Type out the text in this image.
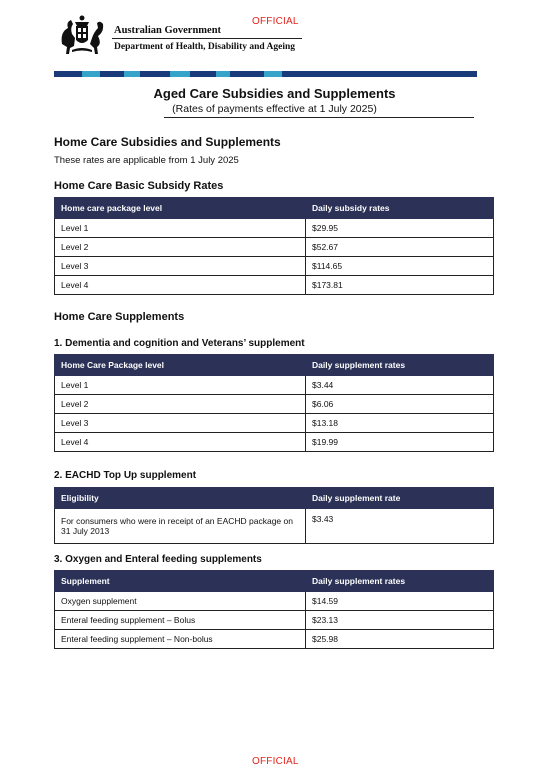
OFFICIAL
Australian Government
Department of Health, Disability and Ageing
Aged Care Subsidies and Supplements
(Rates of payments effective at 1 July 2025)
Home Care Subsidies and Supplements
These rates are applicable from 1 July 2025
Home Care Basic Subsidy Rates
Home care package level	Daily subsidy rates
Level 1	$29.95
Level 2	$52.67
Level 3	$114.65
Level 4	$173.81
Home Care Supplements
1. Dementia and cognition and Veterans’ supplement
Home Care Package level	Daily supplement rates
Level 1	$3.44
Level 2	$6.06
Level 3	$13.18
Level 4	$19.99
2. EACHD Top Up supplement
Eligibility	Daily supplement rate
For consumers who were in receipt of an EACHD package on 31 July 2013	$3.43
3. Oxygen and Enteral feeding supplements
Supplement	Daily supplement rates
Oxygen supplement	$14.59
Enteral feeding supplement – Bolus	$23.13
Enteral feeding supplement – Non-bolus	$25.98
OFFICIAL
